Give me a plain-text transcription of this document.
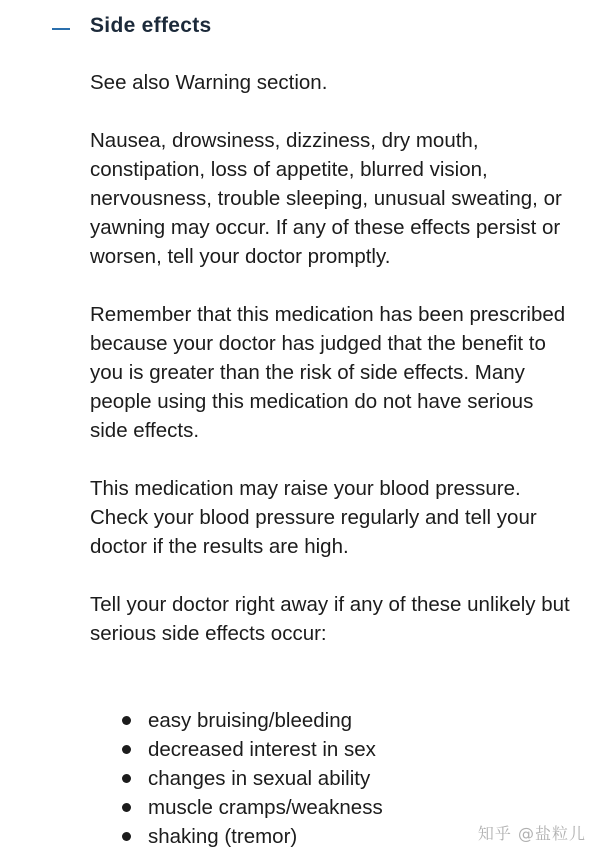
Side effects

See also Warning section.

Nausea, drowsiness, dizziness, dry mouth, constipation, loss of appetite, blurred vision, nervousness, trouble sleeping, unusual sweating, or yawning may occur. If any of these effects persist or worsen, tell your doctor promptly.

Remember that this medication has been prescribed because your doctor has judged that the benefit to you is greater than the risk of side effects. Many people using this medication do not have serious side effects.

This medication may raise your blood pressure. Check your blood pressure regularly and tell your doctor if the results are high.

Tell your doctor right away if any of these unlikely but serious side effects occur:

easy bruising/bleeding
decreased interest in sex
changes in sexual ability
muscle cramps/weakness
shaking (tremor)	知乎 @盐粒儿
